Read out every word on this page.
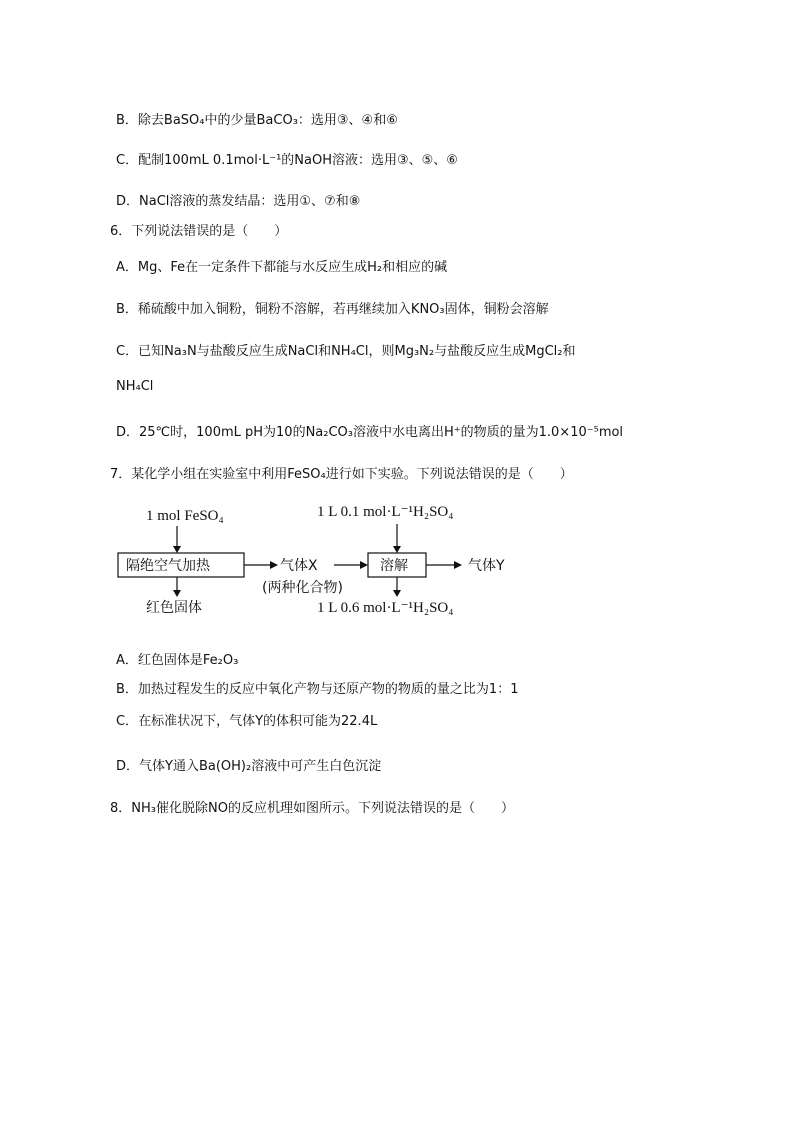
B．除去BaSO₄中的少量BaCO₃：选用③、④和⑥
C．配制100mL 0.1mol·L⁻¹的NaOH溶液：选用③、⑤、⑥
D．NaCl溶液的蒸发结晶：选用①、⑦和⑧
6．下列说法错误的是（　　）
A．Mg、Fe在一定条件下都能与水反应生成H₂和相应的碱
B．稀硫酸中加入铜粉，铜粉不溶解，若再继续加入KNO₃固体，铜粉会溶解
C．已知Na₃N与盐酸反应生成NaCl和NH₄Cl，则Mg₃N₂与盐酸反应生成MgCl₂和
NH₄Cl
D．25℃时，100mL pH为10的Na₂CO₃溶液中水电离出H⁺的物质的量为1.0×10⁻⁵mol
7．某化学小组在实验室中利用FeSO₄进行如下实验。下列说法错误的是（　　）
1 mol FeSO₄	1 L 0.1 mol·L⁻¹H₂SO₄
隔绝空气加热	气体X	溶解	气体Y
(两种化合物)
红色固体	1 L 0.6 mol·L⁻¹H₂SO₄
A．红色固体是Fe₂O₃
B．加热过程发生的反应中氧化产物与还原产物的物质的量之比为1：1
C．在标准状况下，气体Y的体积可能为22.4L
D．气体Y通入Ba(OH)₂溶液中可产生白色沉淀
8．NH₃催化脱除NO的反应机理如图所示。下列说法错误的是（　　）
